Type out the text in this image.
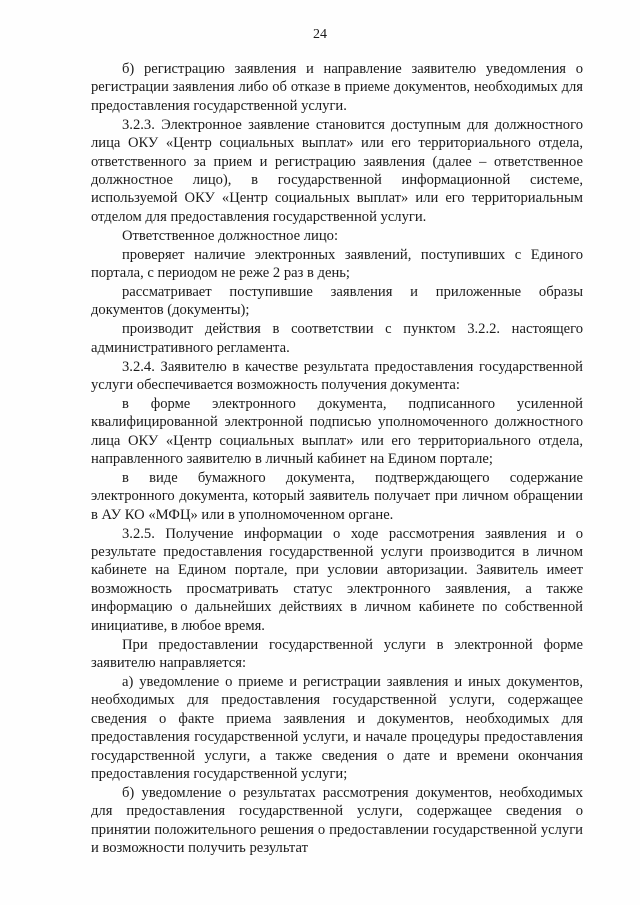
24

б) регистрацию заявления и направление заявителю уведомления о регистрации заявления либо об отказе в приеме документов, необходимых для предоставления государственной услуги.

3.2.3. Электронное заявление становится доступным для должностного лица ОКУ «Центр социальных выплат» или его территориального отдела, ответственного за прием и регистрацию заявления (далее – ответственное должностное лицо), в государственной информационной системе, используемой ОКУ «Центр социальных выплат» или его территориальным отделом для предоставления государственной услуги.

Ответственное должностное лицо:

проверяет наличие электронных заявлений, поступивших с Единого портала, с периодом не реже 2 раз в день;

рассматривает поступившие заявления и приложенные образы документов (документы);

производит действия в соответствии с пунктом 3.2.2. настоящего административного регламента.

3.2.4. Заявителю в качестве результата предоставления государственной услуги обеспечивается возможность получения документа:

в форме электронного документа, подписанного усиленной квалифицированной электронной подписью уполномоченного должностного лица ОКУ «Центр социальных выплат» или его территориального отдела, направленного заявителю в личный кабинет на Едином портале;

в виде бумажного документа, подтверждающего содержание электронного документа, который заявитель получает при личном обращении в АУ КО «МФЦ» или в уполномоченном органе.

3.2.5. Получение информации о ходе рассмотрения заявления и о результате предоставления государственной услуги производится в личном кабинете на Едином портале, при условии авторизации. Заявитель имеет возможность просматривать статус электронного заявления, а также информацию о дальнейших действиях в личном кабинете по собственной инициативе, в любое время.

При предоставлении государственной услуги в электронной форме заявителю направляется:

а) уведомление о приеме и регистрации заявления и иных документов, необходимых для предоставления государственной услуги, содержащее сведения о факте приема заявления и документов, необходимых для предоставления государственной услуги, и начале процедуры предоставления государственной услуги, а также сведения о дате и времени окончания предоставления государственной услуги;

б) уведомление о результатах рассмотрения документов, необходимых для предоставления государственной услуги, содержащее сведения о принятии положительного решения о предоставлении государственной услуги и возможности получить результат
